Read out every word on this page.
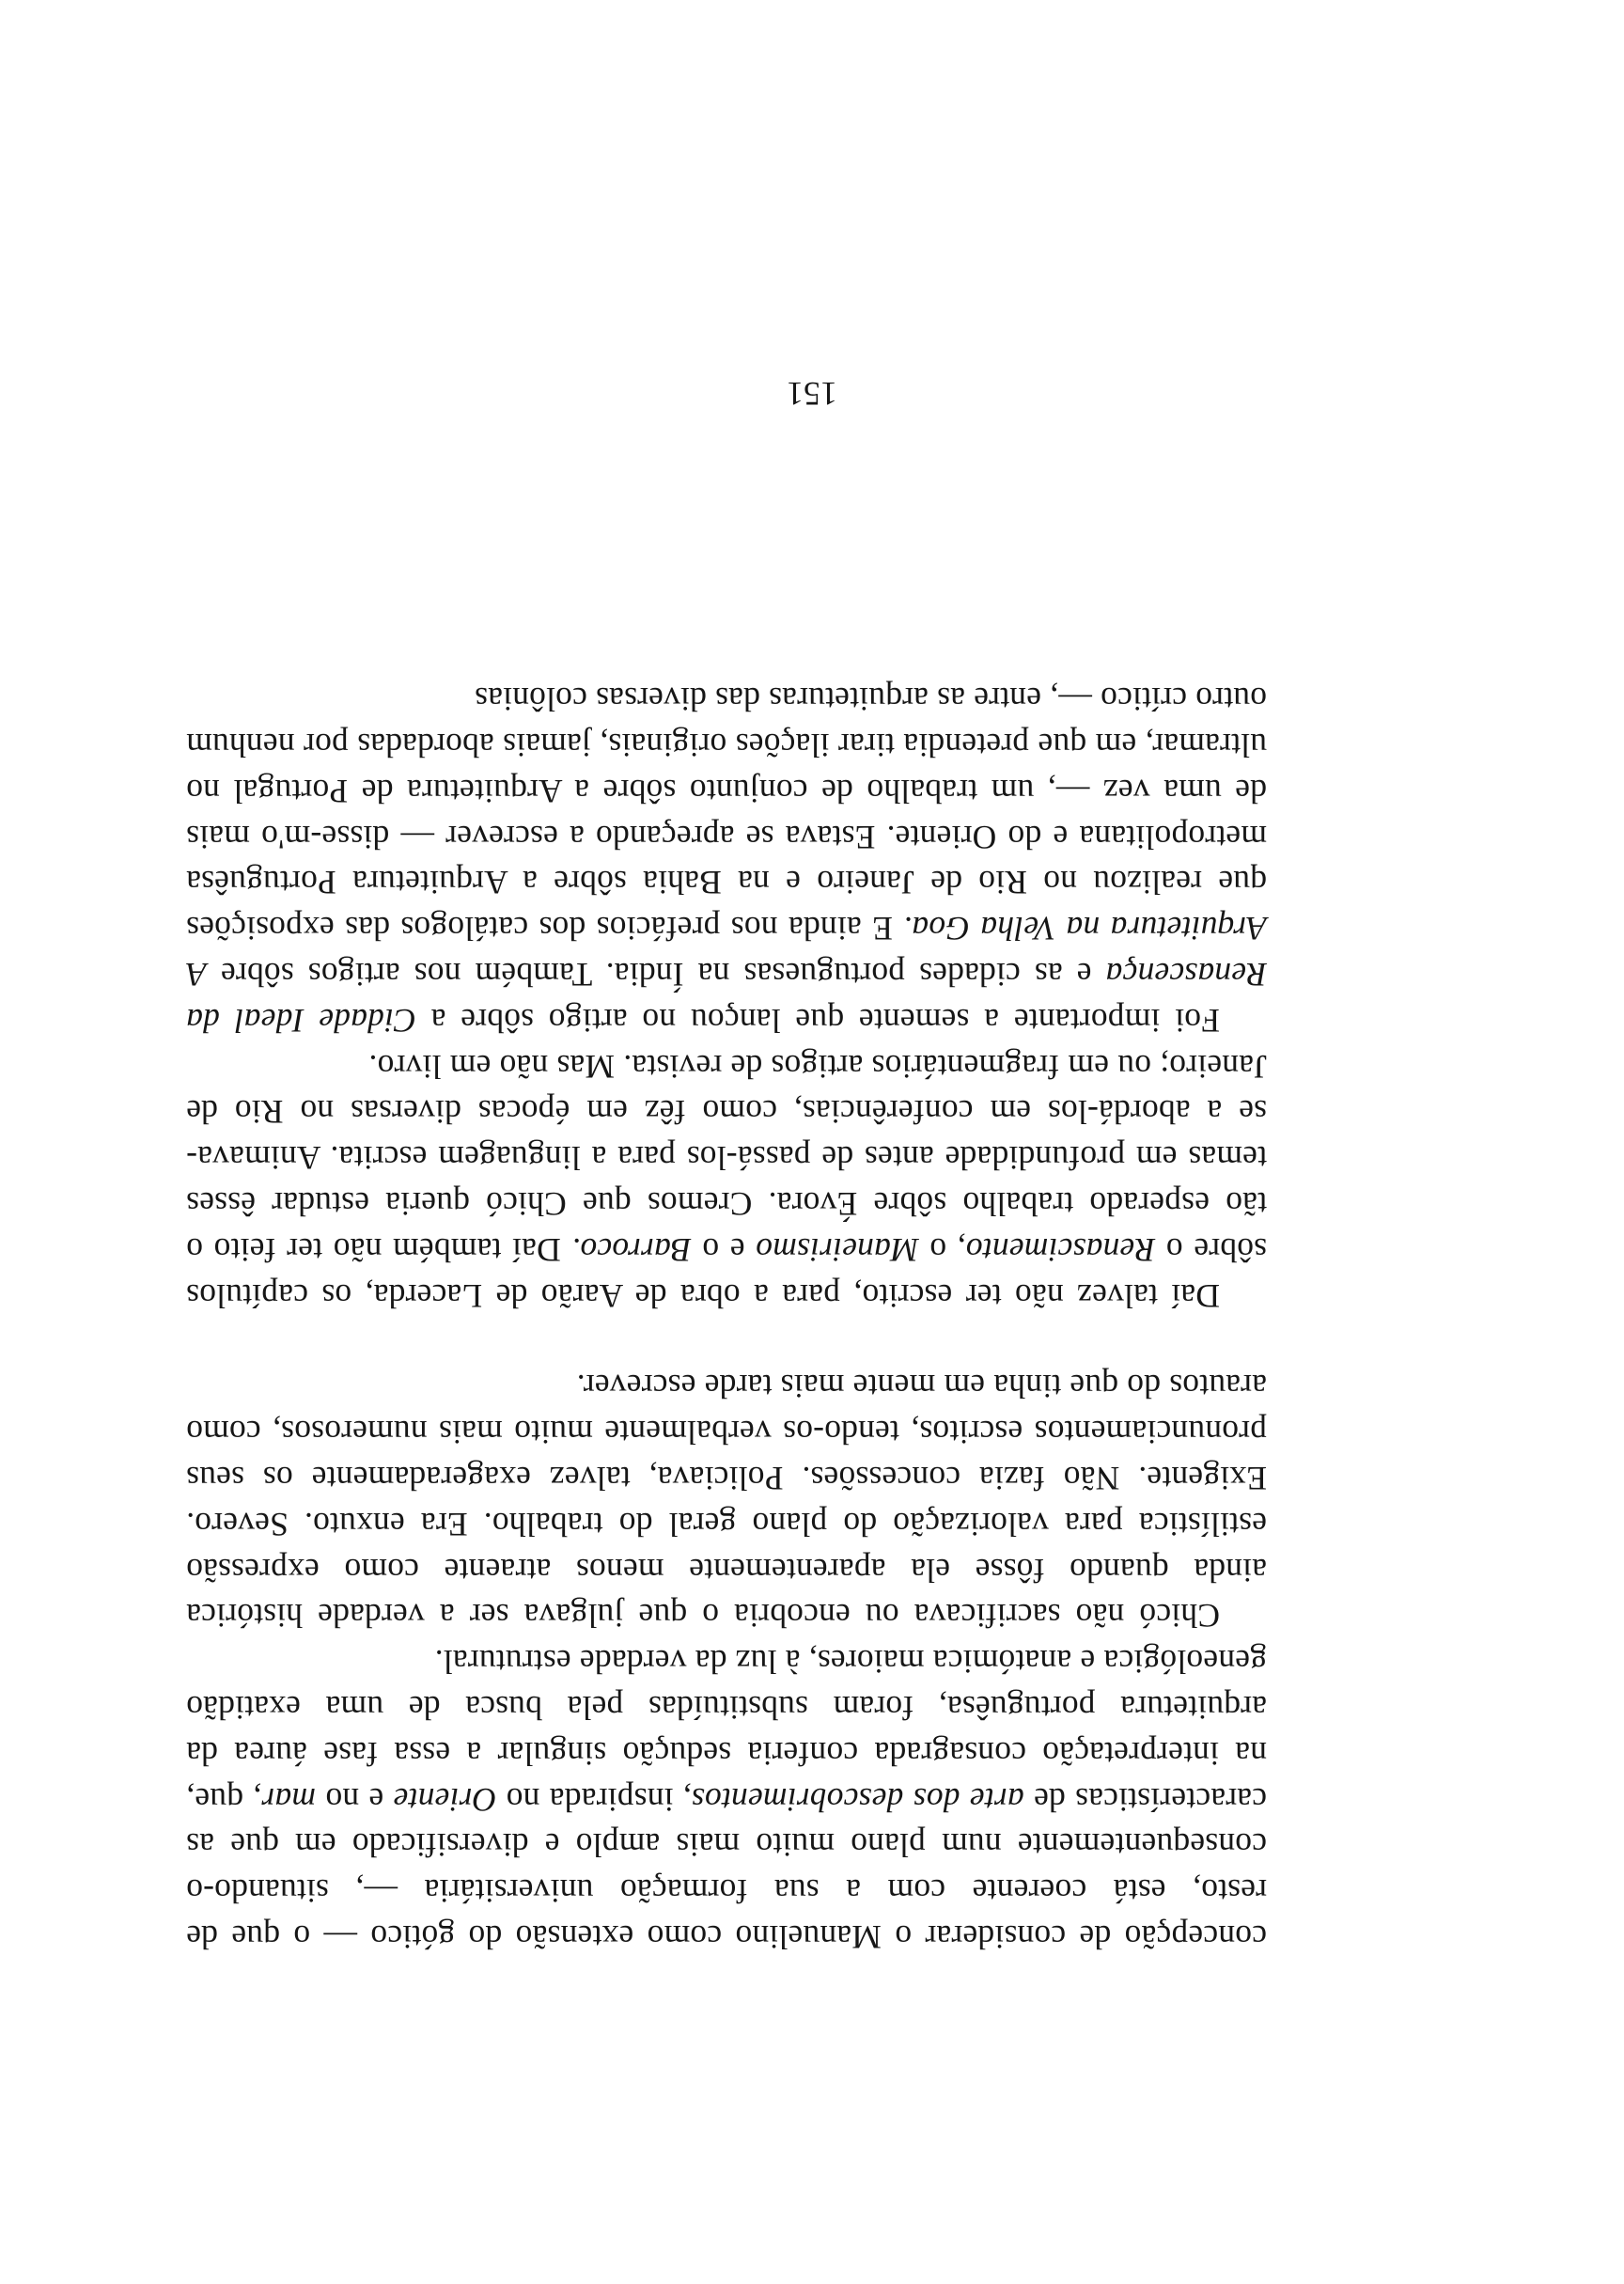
concepção de considerar o Manuelino como extensão do gótico — o que de resto, está coerente com a sua formação universitária —, situando-o consequentemente num plano muito mais amplo e diversificado em que as características de arte dos descobrimentos, inspirada no Oriente e no mar, que, na interpretação consagrada conferia sedução singular a essa fase áurea da arquitetura portuguêsa, foram substituídas pela busca de uma exatidão geneológica e anatómica maiores, à luz da verdade estrutural.

Chicó não sacrificava ou encobria o que julgava ser a verdade histórica ainda quando fôsse ela aparentemente menos atraente como expressão estilística para valorização do plano geral do trabalho. Era enxuto. Severo. Exigente. Não fazia concessões. Policiava, talvez exageradamente os seus pronunciamentos escritos, tendo-os verbalmente muito mais numerosos, como arautos do que tinha em mente mais tarde escrever.

Daí talvez não ter escrito, para a obra de Aarão de Lacerda, os capítulos sôbre o Renascimento, o Maneirismo e o Barroco. Daí também não ter feito o tão esperado trabalho sôbre Évora. Cremos que Chicó queria estudar êsses temas em profundidade antes de passá-los para a linguagem escrita. Animava-se a abordá-los em conferências, como fêz em épocas diversas no Rio de Janeiro; ou em fragmentários artigos de revista. Mas não em livro.

Foi importante a semente que lançou no artigo sôbre a Cidade Ideal da Renascença e as cidades portuguesas na Índia. Também nos artigos sôbre A Arquitetura na Velha Goa. E ainda nos prefácios dos catálogos das exposições que realizou no Rio de Janeiro e na Bahia sôbre a Arquitetura Portuguêsa metropolitana e do Oriente. Estava se apreçando a escrever — disse-m'o mais de uma vez —, um trabalho de conjunto sôbre a Arquitetura de Portugal no ultramar, em que pretendia tirar ilações originais, jamais abordadas por nenhum outro crítico —, entre as arquiteturas das diversas colônias

151
